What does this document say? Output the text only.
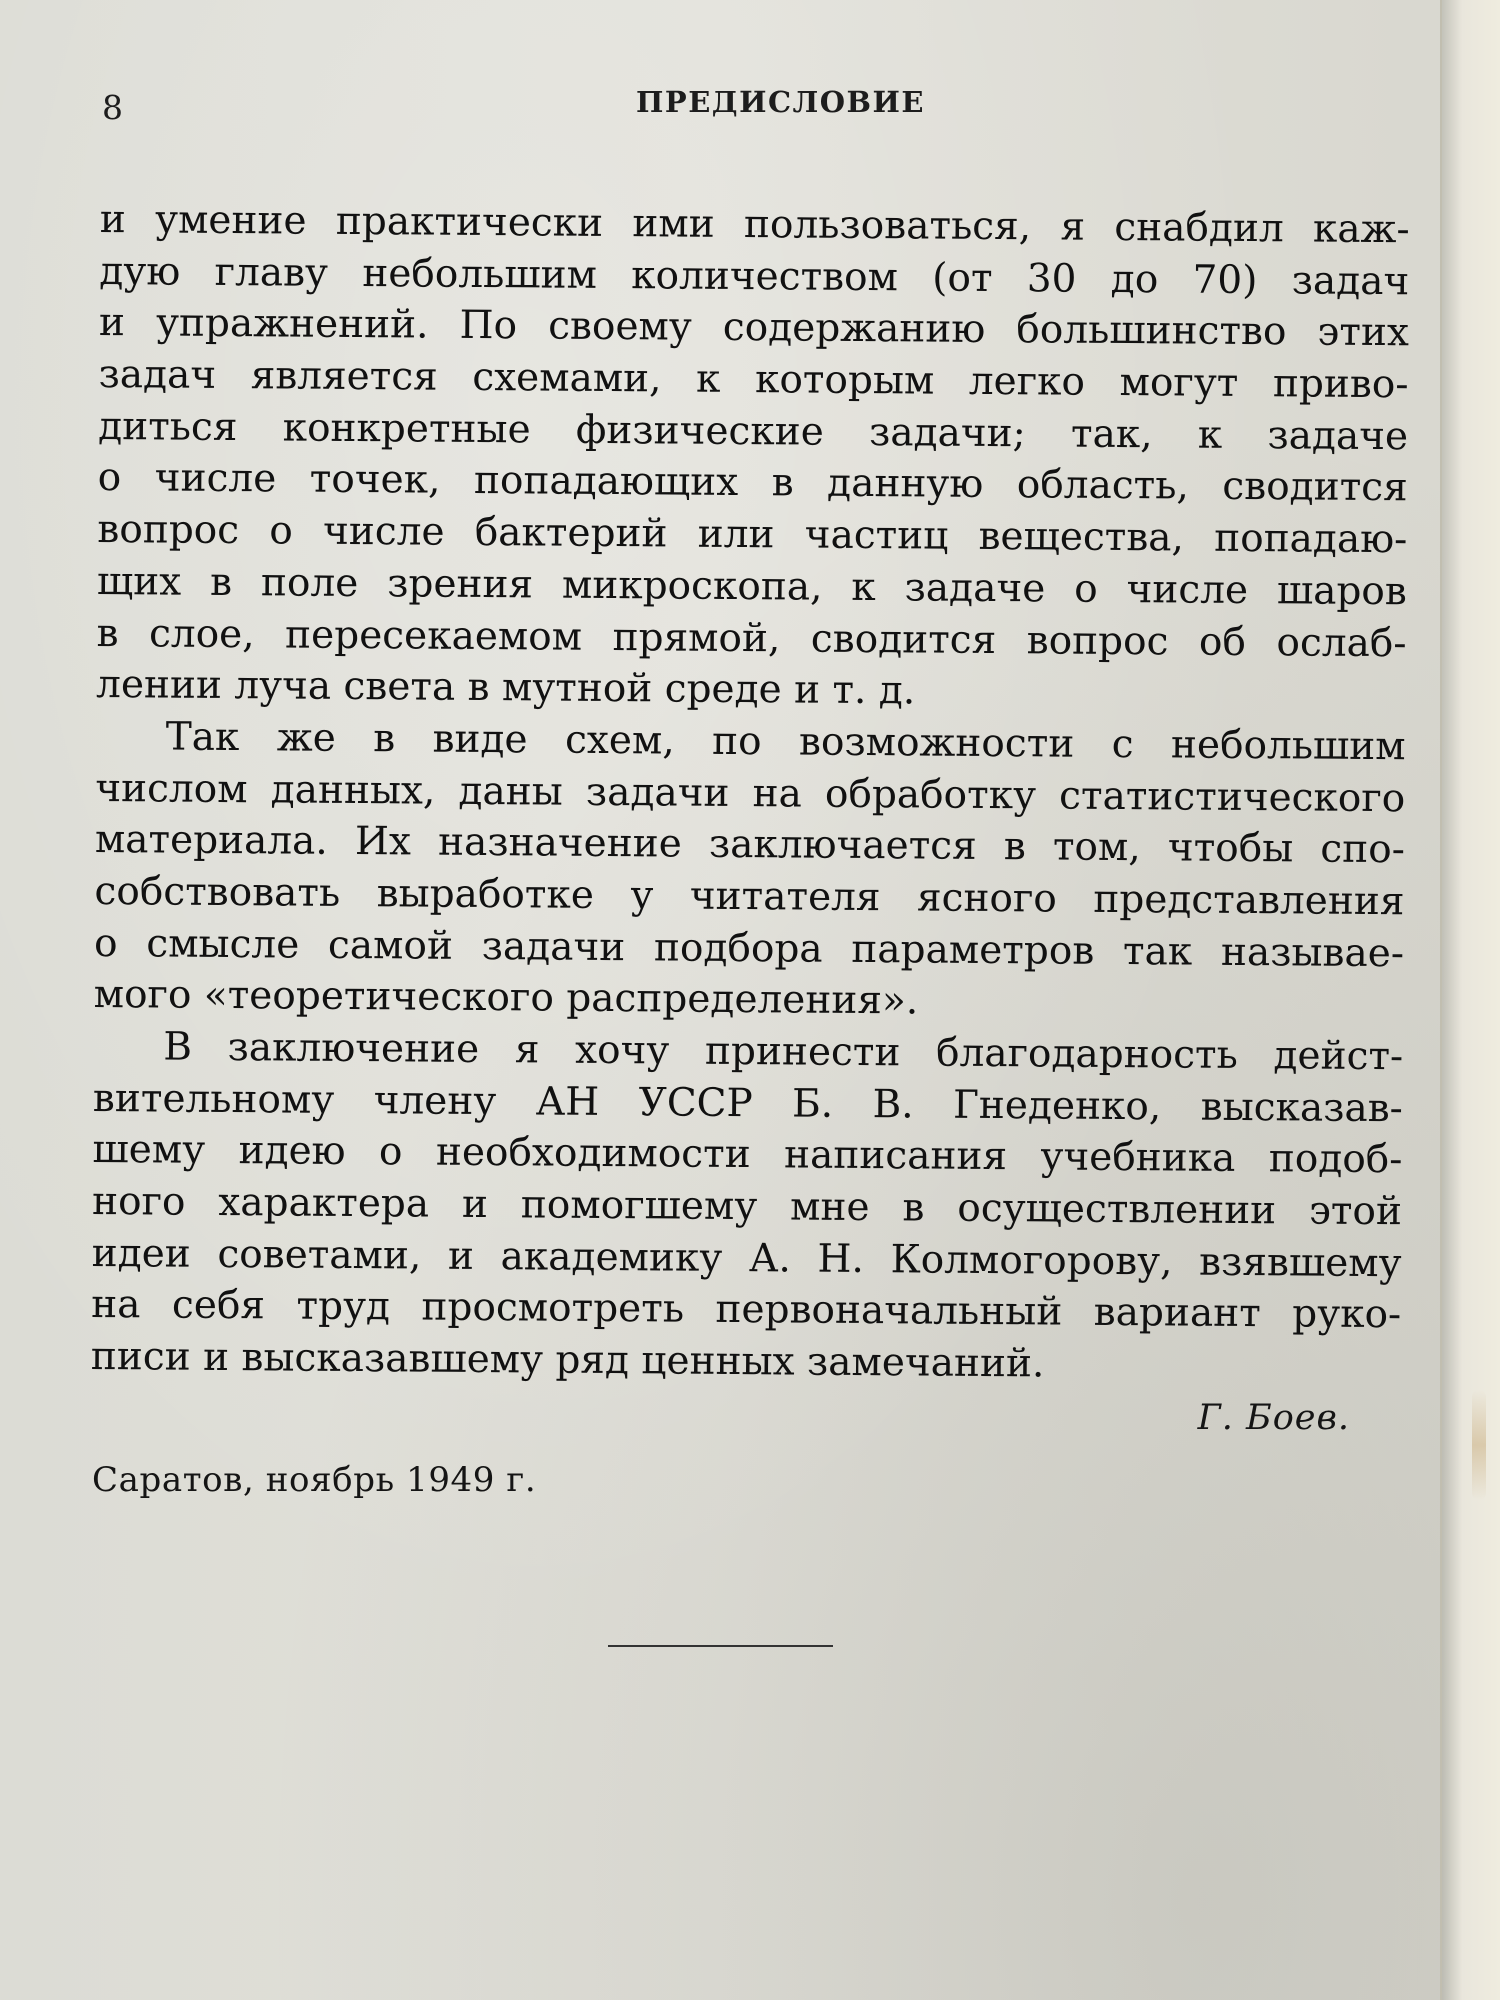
8	ПРЕДИСЛОВИЕ
и умение практически ими пользоваться, я снабдил каж-
дую главу небольшим количеством (от 30 до 70) задач
и упражнений. По своему содержанию большинство этих
задач является схемами, к которым легко могут приво-
диться конкретные физические задачи; так, к задаче
о числе точек, попадающих в данную область, сводится
вопрос о числе бактерий или частиц вещества, попадаю-
щих в поле зрения микроскопа, к задаче о числе шаров
в слое, пересекаемом прямой, сводится вопрос об ослаб-
лении луча света в мутной среде и т. д.
Так же в виде схем, по возможности с небольшим
числом данных, даны задачи на обработку статистического
материала. Их назначение заключается в том, чтобы спо-
собствовать выработке у читателя ясного представления
о смысле самой задачи подбора параметров так называе-
мого «теоретического распределения».
В заключение я хочу принести благодарность дейст-
вительному члену АН УССР Б. В. Гнеденко, высказав-
шему идею о необходимости написания учебника подоб-
ного характера и помогшему мне в осуществлении этой
идеи советами, и академику А. Н. Колмогорову, взявшему
на себя труд просмотреть первоначальный вариант руко-
писи и высказавшему ряд ценных замечаний.
Г. Боев.
Саратов, ноябрь 1949 г.
